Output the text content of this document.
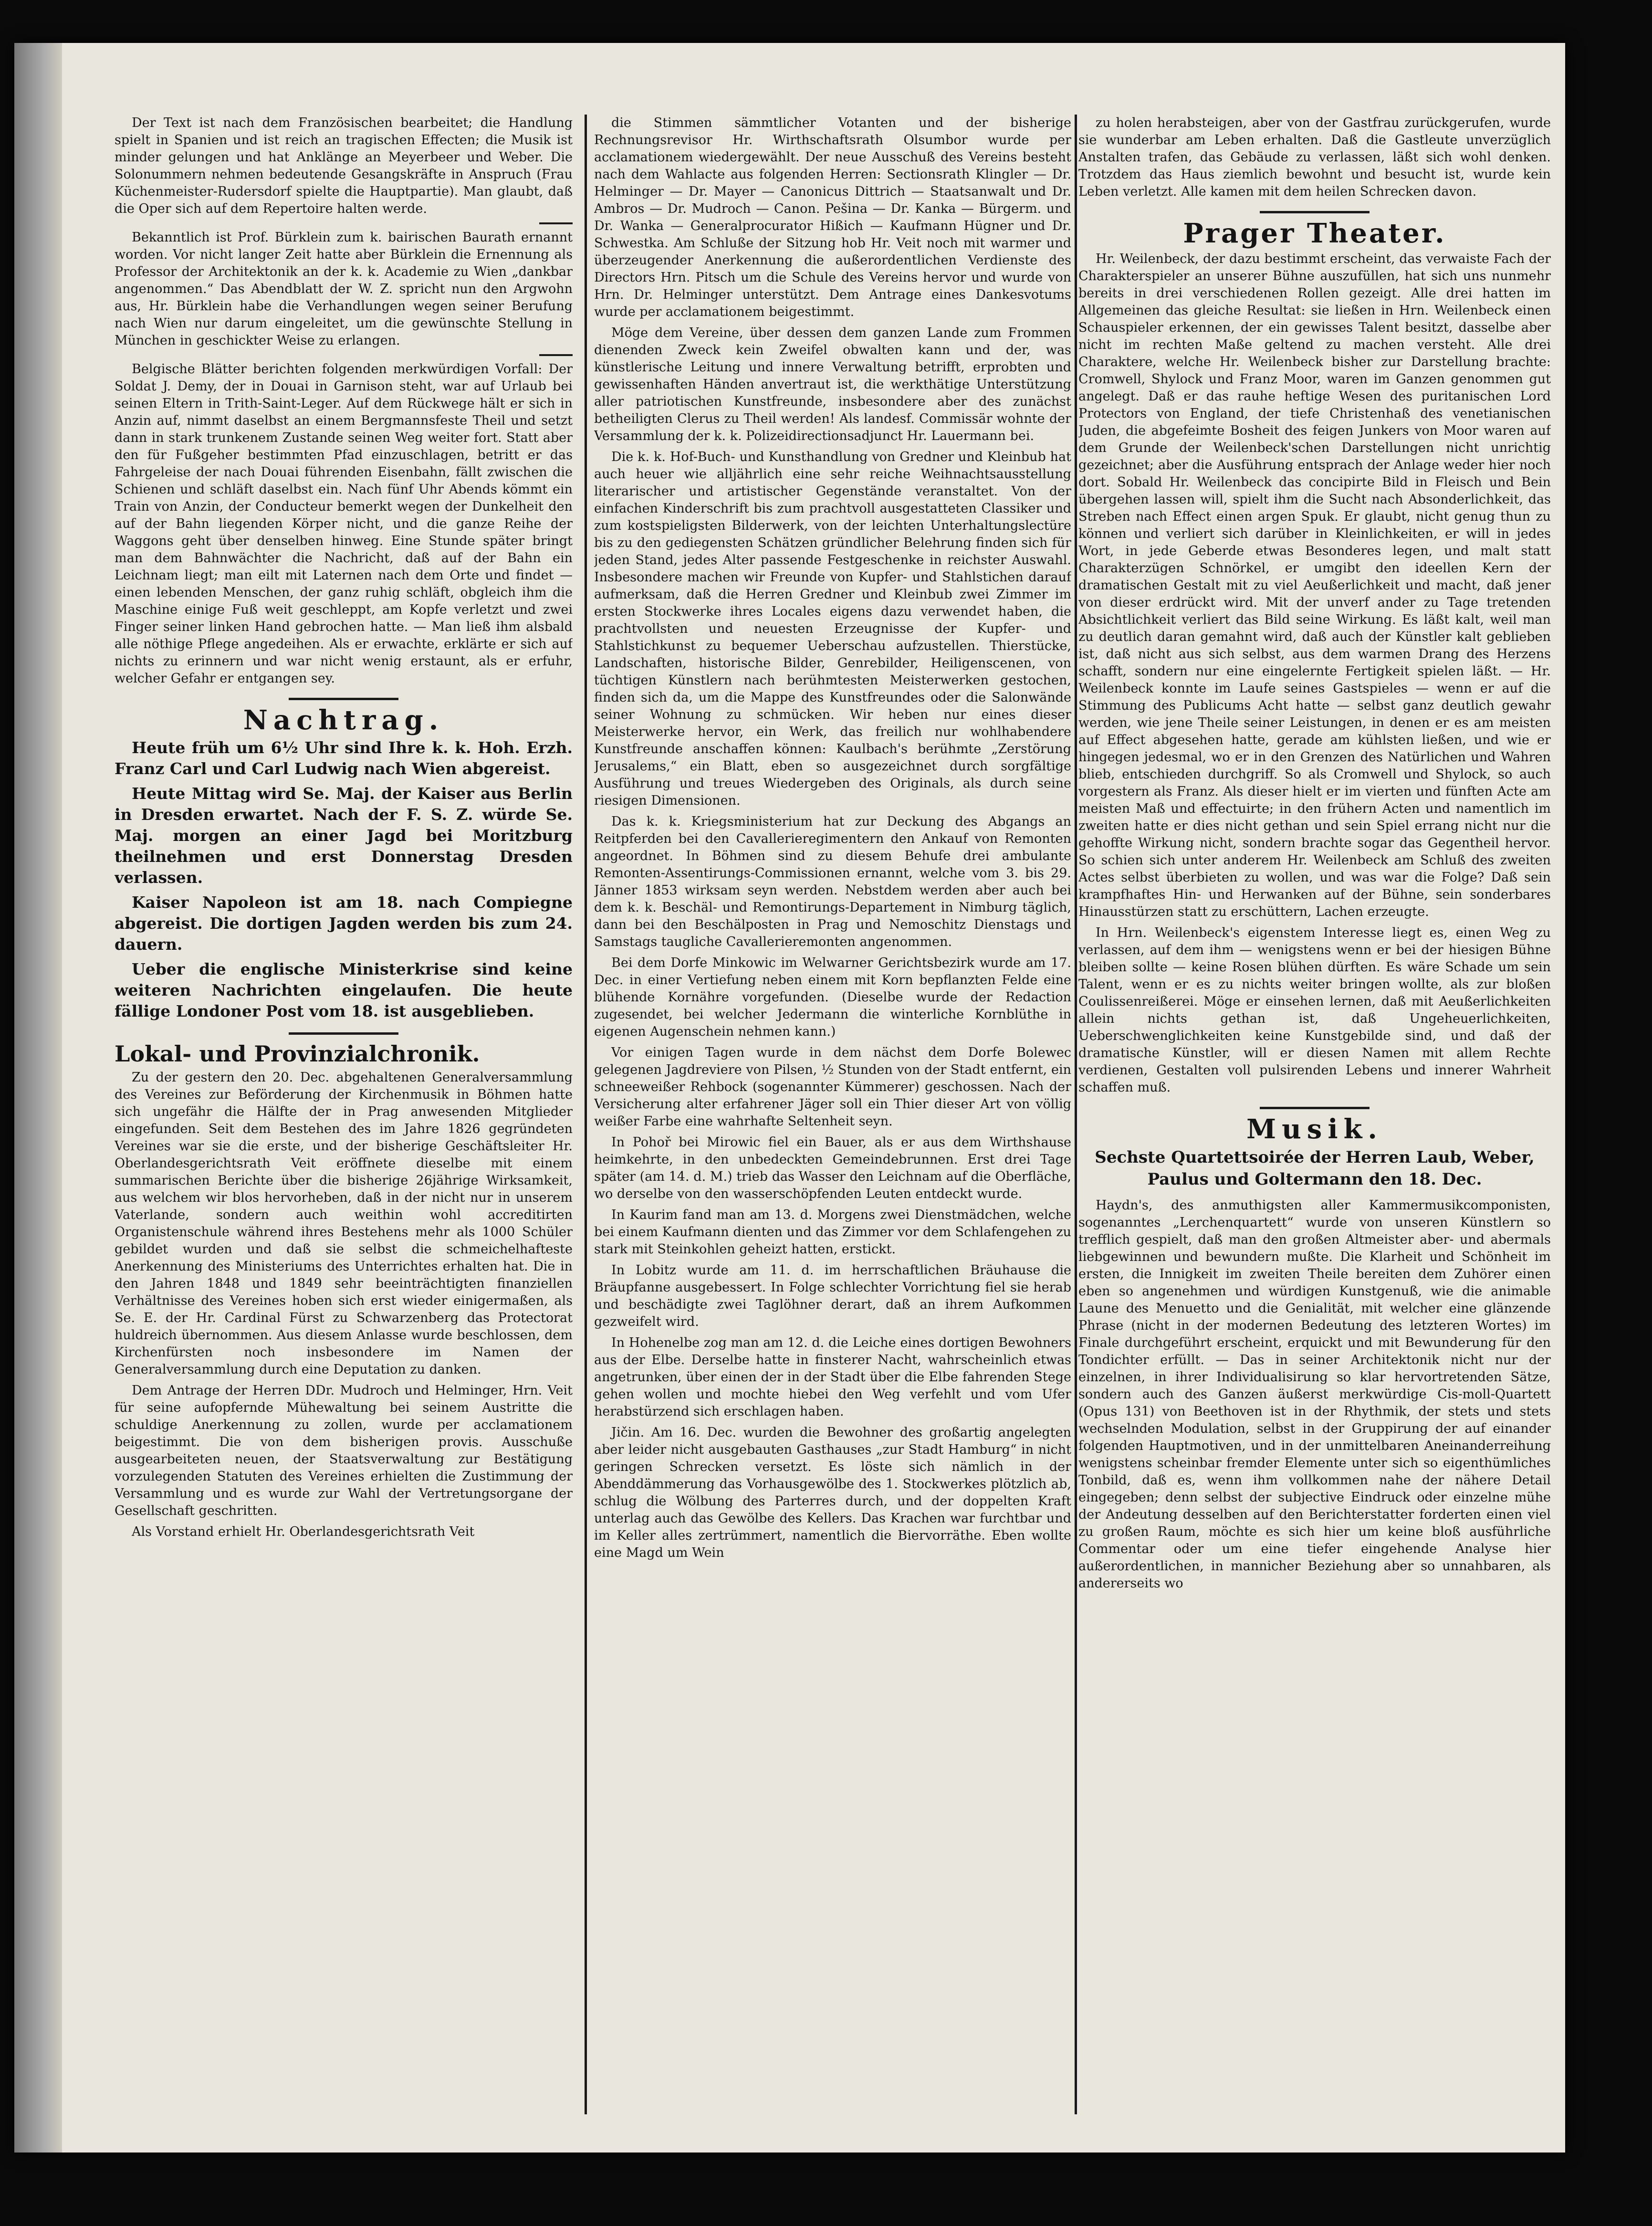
Der Text ist nach dem Französischen bearbeitet; die Handlung spielt in Spanien und ist reich an tragischen Effecten; die Musik ist minder gelungen und hat Anklänge an Meyerbeer und Weber. Die Solonummern nehmen bedeutende Gesangskräfte in Anspruch (Frau Küchenmeister-Rudersdorf spielte die Hauptpartie). Man glaubt, daß die Oper sich auf dem Repertoire halten werde.

Bekanntlich ist Prof. Bürklein zum k. bairischen Baurath ernannt worden. Vor nicht langer Zeit hatte aber Bürklein die Ernennung als Professor der Architektonik an der k. k. Academie zu Wien „dankbar angenommen.“ Das Abendblatt der W. Z. spricht nun den Argwohn aus, Hr. Bürklein habe die Verhandlungen wegen seiner Berufung nach Wien nur darum eingeleitet, um die gewünschte Stellung in München in geschickter Weise zu erlangen.

Belgische Blätter berichten folgenden merkwürdigen Vorfall: Der Soldat J. Demy, der in Douai in Garnison steht, war auf Urlaub bei seinen Eltern in Trith-Saint-Leger. Auf dem Rückwege hält er sich in Anzin auf, nimmt daselbst an einem Bergmannsfeste Theil und setzt dann in stark trunkenem Zustande seinen Weg weiter fort. Statt aber den für Fußgeher bestimmten Pfad einzuschlagen, betritt er das Fahrgeleise der nach Douai führenden Eisenbahn, fällt zwischen die Schienen und schläft daselbst ein. Nach fünf Uhr Abends kömmt ein Train von Anzin, der Conducteur bemerkt wegen der Dunkelheit den auf der Bahn liegenden Körper nicht, und die ganze Reihe der Waggons geht über denselben hinweg. Eine Stunde später bringt man dem Bahnwächter die Nachricht, daß auf der Bahn ein Leichnam liegt; man eilt mit Laternen nach dem Orte und findet — einen lebenden Menschen, der ganz ruhig schläft, obgleich ihm die Maschine einige Fuß weit geschleppt, am Kopfe verletzt und zwei Finger seiner linken Hand gebrochen hatte. — Man ließ ihm alsbald alle nöthige Pflege angedeihen. Als er erwachte, erklärte er sich auf nichts zu erinnern und war nicht wenig erstaunt, als er erfuhr, welcher Gefahr er entgangen sey.

Nachtrag.

Heute früh um 6½ Uhr sind Ihre k. k. Hoh. Erzh. Franz Carl und Carl Ludwig nach Wien abgereist.

Heute Mittag wird Se. Maj. der Kaiser aus Berlin in Dresden erwartet. Nach der F. S. Z. würde Se. Maj. morgen an einer Jagd bei Moritzburg theilnehmen und erst Donnerstag Dresden verlassen.

Kaiser Napoleon ist am 18. nach Compiegne abgereist. Die dortigen Jagden werden bis zum 24. dauern.

Ueber die englische Ministerkrise sind keine weiteren Nachrichten eingelaufen. Die heute fällige Londoner Post vom 18. ist ausgeblieben.

Lokal- und Provinzialchronik.

Zu der gestern den 20. Dec. abgehaltenen Generalversammlung des Vereines zur Beförderung der Kirchenmusik in Böhmen hatte sich ungefähr die Hälfte der in Prag anwesenden Mitglieder eingefunden. Seit dem Bestehen des im Jahre 1826 gegründeten Vereines war sie die erste, und der bisherige Geschäftsleiter Hr. Oberlandesgerichtsrath Veit eröffnete dieselbe mit einem summarischen Berichte über die bisherige 26jährige Wirksamkeit, aus welchem wir blos hervorheben, daß in der nicht nur in unserem Vaterlande, sondern auch weithin wohl accreditirten Organistenschule während ihres Bestehens mehr als 1000 Schüler gebildet wurden und daß sie selbst die schmeichelhafteste Anerkennung des Ministeriums des Unterrichtes erhalten hat. Die in den Jahren 1848 und 1849 sehr beeinträchtigten finanziellen Verhältnisse des Vereines hoben sich erst wieder einigermaßen, als Se. E. der Hr. Cardinal Fürst zu Schwarzenberg das Protectorat huldreich übernommen. Aus diesem Anlasse wurde beschlossen, dem Kirchenfürsten noch insbesondere im Namen der Generalversammlung durch eine Deputation zu danken.

Dem Antrage der Herren DDr. Mudroch und Helminger, Hrn. Veit für seine aufopfernde Mühewaltung bei seinem Austritte die schuldige Anerkennung zu zollen, wurde per acclamationem beigestimmt. Die von dem bisherigen provis. Ausschuße ausgearbeiteten neuen, der Staatsverwaltung zur Bestätigung vorzulegenden Statuten des Vereines erhielten die Zustimmung der Versammlung und es wurde zur Wahl der Vertretungsorgane der Gesellschaft geschritten.

Als Vorstand erhielt Hr. Oberlandesgerichtsrath Veit

die Stimmen sämmtlicher Votanten und der bisherige Rechnungsrevisor Hr. Wirthschaftsrath Olsumbor wurde per acclamationem wiedergewählt. Der neue Ausschuß des Vereins besteht nach dem Wahlacte aus folgenden Herren: Sectionsrath Klingler — Dr. Helminger — Dr. Mayer — Canonicus Dittrich — Staatsanwalt und Dr. Ambros — Dr. Mudroch — Canon. Pešina — Dr. Kanka — Bürgerm. und Dr. Wanka — Generalprocurator Hißich — Kaufmann Hügner und Dr. Schwestka. Am Schluße der Sitzung hob Hr. Veit noch mit warmer und überzeugender Anerkennung die außerordentlichen Verdienste des Directors Hrn. Pitsch um die Schule des Vereins hervor und wurde von Hrn. Dr. Helminger unterstützt. Dem Antrage eines Dankesvotums wurde per acclamationem beigestimmt.

Möge dem Vereine, über dessen dem ganzen Lande zum Frommen dienenden Zweck kein Zweifel obwalten kann und der, was künstlerische Leitung und innere Verwaltung betrifft, erprobten und gewissenhaften Händen anvertraut ist, die werkthätige Unterstützung aller patriotischen Kunstfreunde, insbesondere aber des zunächst betheiligten Clerus zu Theil werden! Als landesf. Commissär wohnte der Versammlung der k. k. Polizeidirectionsadjunct Hr. Lauermann bei.

Die k. k. Hof-Buch- und Kunsthandlung von Gredner und Kleinbub hat auch heuer wie alljährlich eine sehr reiche Weihnachtsausstellung literarischer und artistischer Gegenstände veranstaltet. Von der einfachen Kinderschrift bis zum prachtvoll ausgestatteten Classiker und zum kostspieligsten Bilderwerk, von der leichten Unterhaltungslectüre bis zu den gediegensten Schätzen gründlicher Belehrung finden sich für jeden Stand, jedes Alter passende Festgeschenke in reichster Auswahl. Insbesondere machen wir Freunde von Kupfer- und Stahlstichen darauf aufmerksam, daß die Herren Gredner und Kleinbub zwei Zimmer im ersten Stockwerke ihres Locales eigens dazu verwendet haben, die prachtvollsten und neuesten Erzeugnisse der Kupfer- und Stahlstichkunst zu bequemer Ueberschau aufzustellen. Thierstücke, Landschaften, historische Bilder, Genrebilder, Heiligenscenen, von tüchtigen Künstlern nach berühmtesten Meisterwerken gestochen, finden sich da, um die Mappe des Kunstfreundes oder die Salonwände seiner Wohnung zu schmücken. Wir heben nur eines dieser Meisterwerke hervor, ein Werk, das freilich nur wohlhabendere Kunstfreunde anschaffen können: Kaulbach's berühmte „Zerstörung Jerusalems,“ ein Blatt, eben so ausgezeichnet durch sorgfältige Ausführung und treues Wiedergeben des Originals, als durch seine riesigen Dimensionen.

Das k. k. Kriegsministerium hat zur Deckung des Abgangs an Reitpferden bei den Cavallerieregimentern den Ankauf von Remonten angeordnet. In Böhmen sind zu diesem Behufe drei ambulante Remonten-Assentirungs-Commissionen ernannt, welche vom 3. bis 29. Jänner 1853 wirksam seyn werden. Nebstdem werden aber auch bei dem k. k. Beschäl- und Remontirungs-Departement in Nimburg täglich, dann bei den Beschälposten in Prag und Nemoschitz Dienstags und Samstags taugliche Cavallerieremonten angenommen.

Bei dem Dorfe Minkowic im Welwarner Gerichtsbezirk wurde am 17. Dec. in einer Vertiefung neben einem mit Korn bepflanzten Felde eine blühende Kornähre vorgefunden. (Dieselbe wurde der Redaction zugesendet, bei welcher Jedermann die winterliche Kornblüthe in eigenen Augenschein nehmen kann.)

Vor einigen Tagen wurde in dem nächst dem Dorfe Bolewec gelegenen Jagdreviere von Pilsen, ½ Stunden von der Stadt entfernt, ein schneeweißer Rehbock (sogenannter Kümmerer) geschossen. Nach der Versicherung alter erfahrener Jäger soll ein Thier dieser Art von völlig weißer Farbe eine wahrhafte Seltenheit seyn.

In Pohoř bei Mirowic fiel ein Bauer, als er aus dem Wirthshause heimkehrte, in den unbedeckten Gemeindebrunnen. Erst drei Tage später (am 14. d. M.) trieb das Wasser den Leichnam auf die Oberfläche, wo derselbe von den wasserschöpfenden Leuten entdeckt wurde.

In Kaurim fand man am 13. d. Morgens zwei Dienstmädchen, welche bei einem Kaufmann dienten und das Zimmer vor dem Schlafengehen zu stark mit Steinkohlen geheizt hatten, erstickt.

In Lobitz wurde am 11. d. im herrschaftlichen Bräuhause die Bräupfanne ausgebessert. In Folge schlechter Vorrichtung fiel sie herab und beschädigte zwei Taglöhner derart, daß an ihrem Aufkommen gezweifelt wird.

In Hohenelbe zog man am 12. d. die Leiche eines dortigen Bewohners aus der Elbe. Derselbe hatte in finsterer Nacht, wahrscheinlich etwas angetrunken, über einen der in der Stadt über die Elbe fahrenden Stege gehen wollen und mochte hiebei den Weg verfehlt und vom Ufer herabstürzend sich erschlagen haben.

Jičin. Am 16. Dec. wurden die Bewohner des großartig angelegten aber leider nicht ausgebauten Gasthauses „zur Stadt Hamburg“ in nicht geringen Schrecken versetzt. Es löste sich nämlich in der Abenddämmerung das Vorhausgewölbe des 1. Stockwerkes plötzlich ab, schlug die Wölbung des Parterres durch, und der doppelten Kraft unterlag auch das Gewölbe des Kellers. Das Krachen war furchtbar und im Keller alles zertrümmert, namentlich die Biervorräthe. Eben wollte eine Magd um Wein

zu holen herabsteigen, aber von der Gastfrau zurückgerufen, wurde sie wunderbar am Leben erhalten. Daß die Gastleute unverzüglich Anstalten trafen, das Gebäude zu verlassen, läßt sich wohl denken. Trotzdem das Haus ziemlich bewohnt und besucht ist, wurde kein Leben verletzt. Alle kamen mit dem heilen Schrecken davon.

Prager Theater.

Hr. Weilenbeck, der dazu bestimmt erscheint, das verwaiste Fach der Charakterspieler an unserer Bühne auszufüllen, hat sich uns nunmehr bereits in drei verschiedenen Rollen gezeigt. Alle drei hatten im Allgemeinen das gleiche Resultat: sie ließen in Hrn. Weilenbeck einen Schauspieler erkennen, der ein gewisses Talent besitzt, dasselbe aber nicht im rechten Maße geltend zu machen versteht. Alle drei Charaktere, welche Hr. Weilenbeck bisher zur Darstellung brachte: Cromwell, Shylock und Franz Moor, waren im Ganzen genommen gut angelegt. Daß er das rauhe heftige Wesen des puritanischen Lord Protectors von England, der tiefe Christenhaß des venetianischen Juden, die abgefeimte Bosheit des feigen Junkers von Moor waren auf dem Grunde der Weilenbeck'schen Darstellungen nicht unrichtig gezeichnet; aber die Ausführung entsprach der Anlage weder hier noch dort. Sobald Hr. Weilenbeck das concipirte Bild in Fleisch und Bein übergehen lassen will, spielt ihm die Sucht nach Absonderlichkeit, das Streben nach Effect einen argen Spuk. Er glaubt, nicht genug thun zu können und verliert sich darüber in Kleinlichkeiten, er will in jedes Wort, in jede Geberde etwas Besonderes legen, und malt statt Charakterzügen Schnörkel, er umgibt den ideellen Kern der dramatischen Gestalt mit zu viel Aeußerlichkeit und macht, daß jener von dieser erdrückt wird. Mit der unverf ander zu Tage tretenden Absichtlichkeit verliert das Bild seine Wirkung. Es läßt kalt, weil man zu deutlich daran gemahnt wird, daß auch der Künstler kalt geblieben ist, daß nicht aus sich selbst, aus dem warmen Drang des Herzens schafft, sondern nur eine eingelernte Fertigkeit spielen läßt. — Hr. Weilenbeck konnte im Laufe seines Gastspieles — wenn er auf die Stimmung des Publicums Acht hatte — selbst ganz deutlich gewahr werden, wie jene Theile seiner Leistungen, in denen er es am meisten auf Effect abgesehen hatte, gerade am kühlsten ließen, und wie er hingegen jedesmal, wo er in den Grenzen des Natürlichen und Wahren blieb, entschieden durchgriff. So als Cromwell und Shylock, so auch vorgestern als Franz. Als dieser hielt er im vierten und fünften Acte am meisten Maß und effectuirte; in den frühern Acten und namentlich im zweiten hatte er dies nicht gethan und sein Spiel errang nicht nur die gehoffte Wirkung nicht, sondern brachte sogar das Gegentheil hervor. So schien sich unter anderem Hr. Weilenbeck am Schluß des zweiten Actes selbst überbieten zu wollen, und was war die Folge? Daß sein krampfhaftes Hin- und Herwanken auf der Bühne, sein sonderbares Hinausstürzen statt zu erschüttern, Lachen erzeugte.

In Hrn. Weilenbeck's eigenstem Interesse liegt es, einen Weg zu verlassen, auf dem ihm — wenigstens wenn er bei der hiesigen Bühne bleiben sollte — keine Rosen blühen dürften. Es wäre Schade um sein Talent, wenn er es zu nichts weiter bringen wollte, als zur bloßen Coulissenreißerei. Möge er einsehen lernen, daß mit Aeußerlichkeiten allein nichts gethan ist, daß Ungeheuerlichkeiten, Ueberschwenglichkeiten keine Kunstgebilde sind, und daß der dramatische Künstler, will er diesen Namen mit allem Rechte verdienen, Gestalten voll pulsirenden Lebens und innerer Wahrheit schaffen muß.

Musik.
Sechste Quartettsoirée der Herren Laub, Weber, Paulus und Goltermann den 18. Dec.

Haydn's, des anmuthigsten aller Kammermusikcomponisten, sogenanntes „Lerchenquartett“ wurde von unseren Künstlern so trefflich gespielt, daß man den großen Altmeister aber- und abermals liebgewinnen und bewundern mußte. Die Klarheit und Schönheit im ersten, die Innigkeit im zweiten Theile bereiten dem Zuhörer einen eben so angenehmen und würdigen Kunstgenuß, wie die animable Laune des Menuetto und die Genialität, mit welcher eine glänzende Phrase (nicht in der modernen Bedeutung des letzteren Wortes) im Finale durchgeführt erscheint, erquickt und mit Bewunderung für den Tondichter erfüllt. — Das in seiner Architektonik nicht nur der einzelnen, in ihrer Individualisirung so klar hervortretenden Sätze, sondern auch des Ganzen äußerst merkwürdige Cis-moll-Quartett (Opus 131) von Beethoven ist in der Rhythmik, der stets und stets wechselnden Modulation, selbst in der Gruppirung der auf einander folgenden Hauptmotiven, und in der unmittelbaren Aneinanderreihung wenigstens scheinbar fremder Elemente unter sich so eigenthümliches Tonbild, daß es, wenn ihm vollkommen nahe der nähere Detail eingegeben; denn selbst der subjective Eindruck oder einzelne mühe der Andeutung desselben auf den Berichterstatter forderten einen viel zu großen Raum, möchte es sich hier um keine bloß ausführliche Commentar oder um eine tiefer eingehende Analyse hier außerordentlichen, in mannicher Beziehung aber so unnahbaren, als andererseits wo
